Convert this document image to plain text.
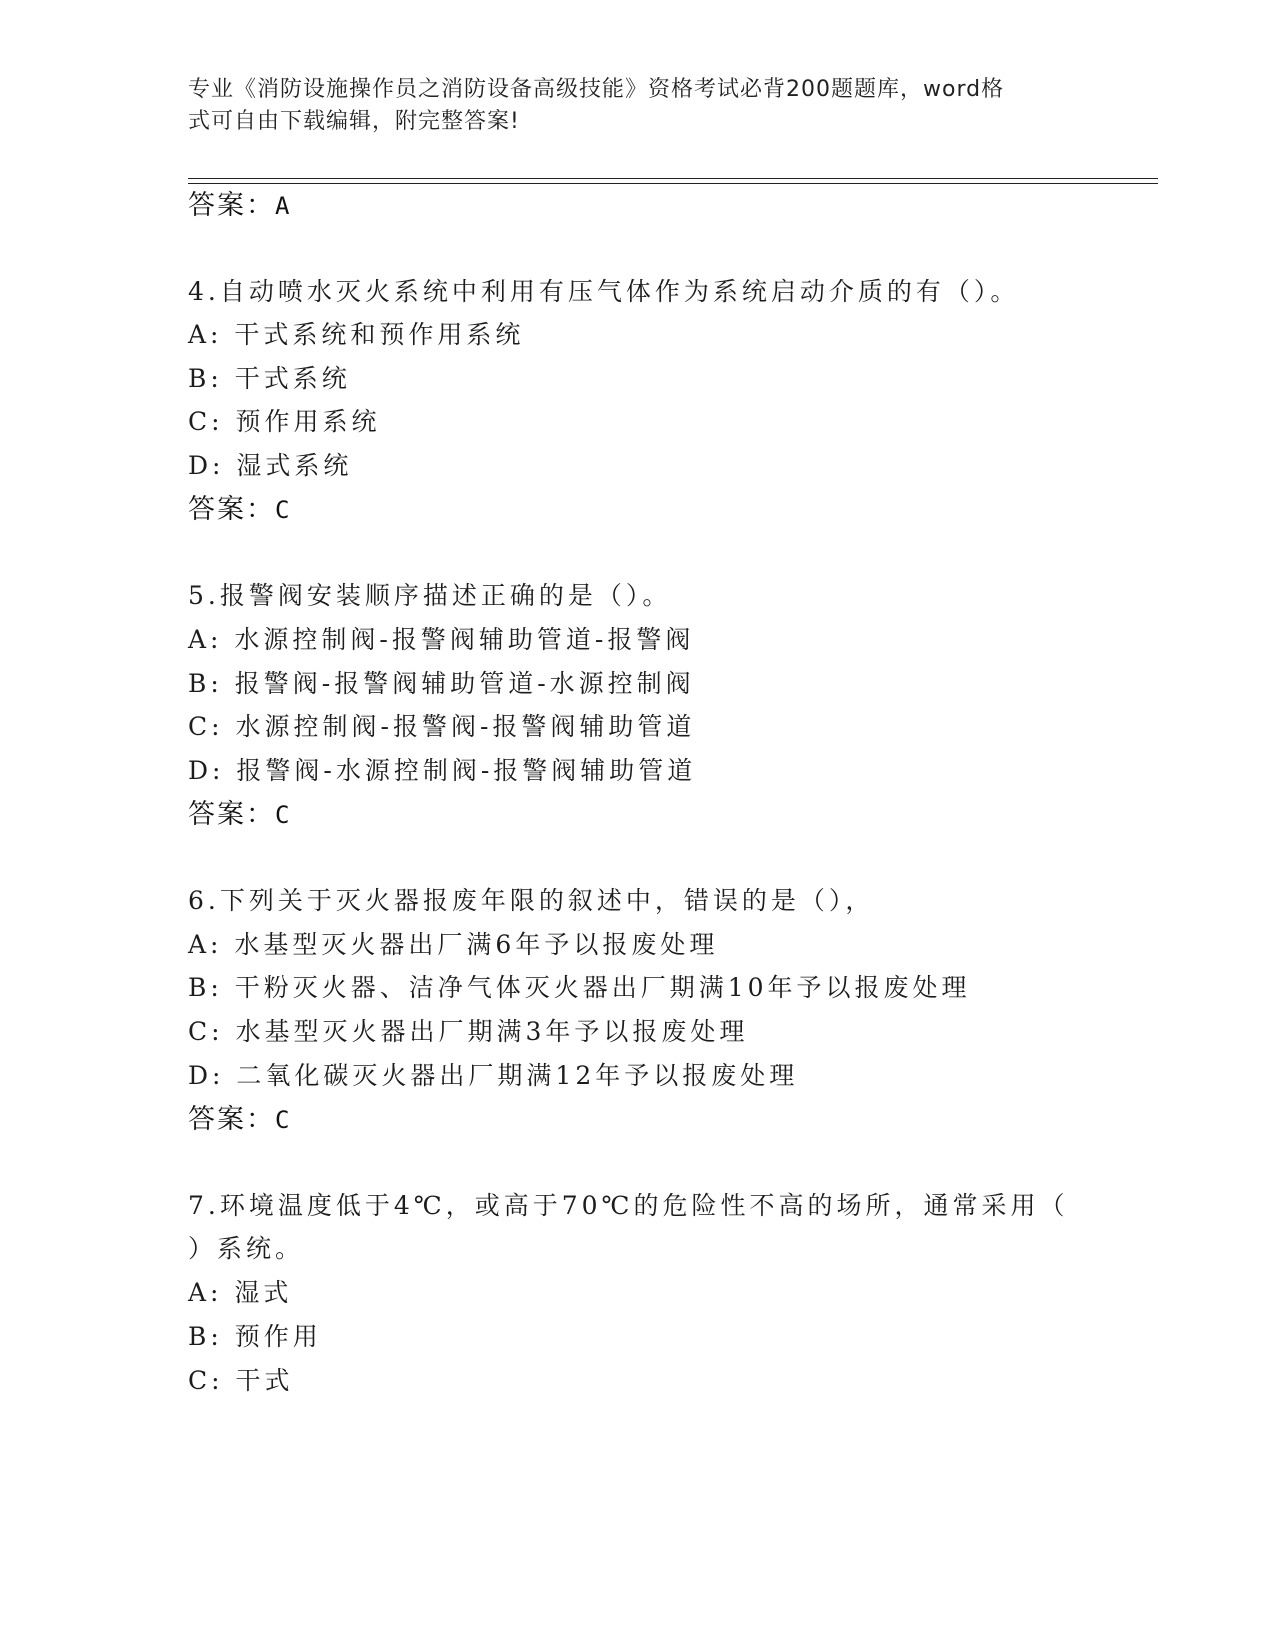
专业《消防设施操作员之消防设备高级技能》资格考试必背200题题库，word格
式可自由下载编辑，附完整答案!
答案：A
4.自动喷水灭火系统中利用有压气体作为系统启动介质的有（）。
A: 干式系统和预作用系统
B: 干式系统
C: 预作用系统
D: 湿式系统
答案：C
5.报警阀安装顺序描述正确的是（）。
A: 水源控制阀-报警阀辅助管道-报警阀
B: 报警阀-报警阀辅助管道-水源控制阀
C: 水源控制阀-报警阀-报警阀辅助管道
D: 报警阀-水源控制阀-报警阀辅助管道
答案：C
6.下列关于灭火器报废年限的叙述中，错误的是（），
A: 水基型灭火器出厂满6年予以报废处理
B: 干粉灭火器、洁净气体灭火器出厂期满10年予以报废处理
C: 水基型灭火器出厂期满3年予以报废处理
D: 二氧化碳灭火器出厂期满12年予以报废处理
答案：C
7.环境温度低于4℃，或高于70℃的危险性不高的场所，通常采用（
）系统。
A: 湿式
B: 预作用
C: 干式
